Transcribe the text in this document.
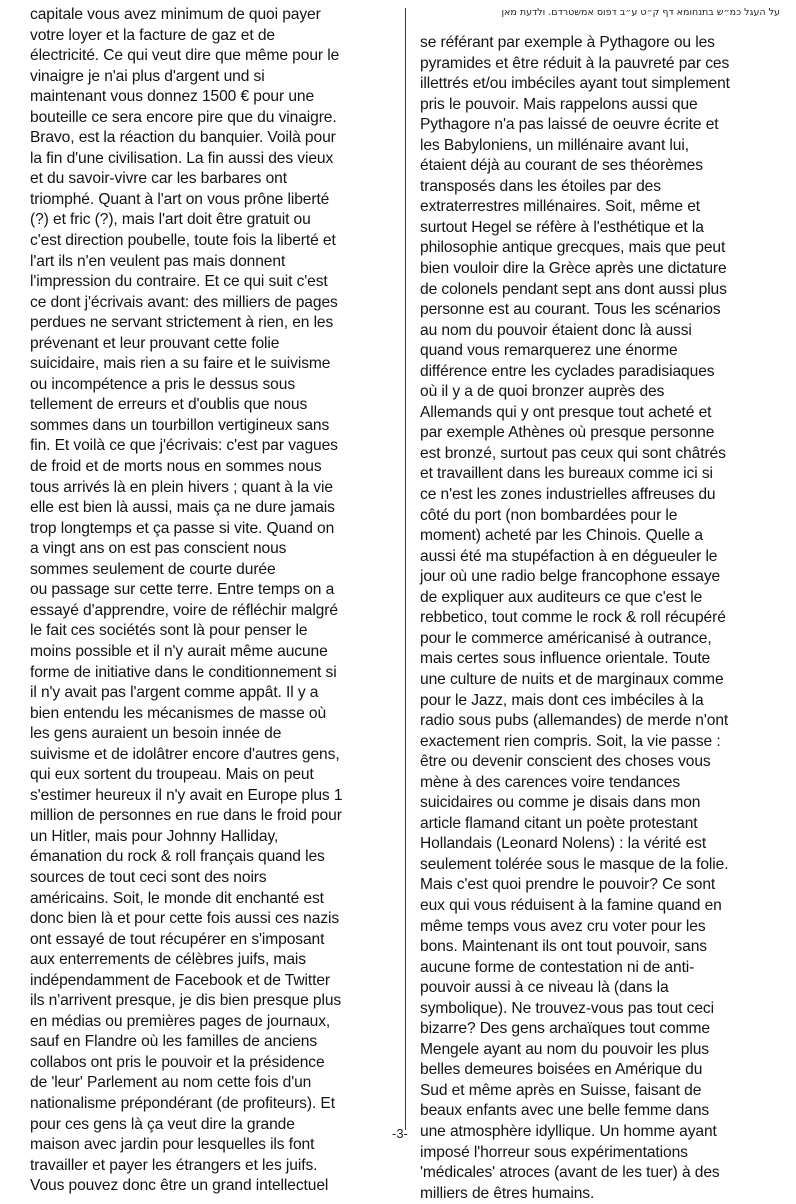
capitale vous avez minimum de quoi payer
votre loyer et la facture de gaz et de
électricité. Ce qui veut dire que même pour le
vinaigre je n'ai plus d'argent und si
maintenant vous donnez 1500 € pour une
bouteille ce sera encore pire que du vinaigre.
Bravo, est la réaction du banquier. Voilà pour
la fin d'une civilisation. La fin aussi des vieux
et du savoir-vivre car les barbares ont
triomphé. Quant à l'art on vous prône liberté
(?) et fric (?), mais l'art doit être gratuit ou
c'est direction poubelle, toute fois la liberté et
l'art ils n'en veulent pas mais donnent
l'impression du contraire. Et ce qui suit c'est
ce dont j'écrivais avant: des milliers de pages
perdues ne servant strictement à rien, en les
prévenant et leur prouvant cette folie
suicidaire, mais rien a su faire et le suivisme
ou incompétence a pris le dessus sous
tellement de erreurs et d'oublis que nous
sommes dans un tourbillon vertigineux sans
fin. Et voilà ce que j'écrivais: c'est par vagues
de froid et de morts nous en sommes nous
tous arrivés là en plein hivers ; quant à la vie
elle est bien là aussi, mais ça ne dure jamais
trop longtemps et ça passe si vite. Quand on
a vingt ans on est pas conscient nous
sommes seulement de courte durée
ou passage sur cette terre. Entre temps on a
essayé d'apprendre, voire de réfléchir malgré
le fait ces sociétés sont là pour penser le
moins possible et il n'y aurait même aucune
forme de initiative dans le conditionnement si
il n'y avait pas l'argent comme appât. Il y a
bien entendu les mécanismes de masse où
les gens auraient un besoin innée de
suivisme et de idolâtrer encore d'autres gens,
qui eux sortent du troupeau. Mais on peut
s'estimer heureux il n'y avait en Europe plus 1
million de personnes en rue dans le froid pour
un Hitler, mais pour Johnny Halliday,
émanation du rock & roll français quand les
sources de tout ceci sont des noirs
américains. Soit, le monde dit enchanté est
donc bien là et pour cette fois aussi ces nazis
ont essayé de tout récupérer en s'imposant
aux enterrements de célèbres juifs, mais
indépendamment de Facebook et de Twitter
ils n'arrivent presque, je dis bien presque plus
en médias ou premières pages de journaux,
sauf en Flandre où les familles de anciens
collabos ont pris le pouvoir et la présidence
de 'leur' Parlement au nom cette fois d'un
nationalisme prépondérant (de profiteurs). Et
pour ces gens là ça veut dire la grande
maison avec jardin pour lesquelles ils font
travailler et payer les étrangers et les juifs.
Vous pouvez donc être un grand intellectuel
על העגל כמ״ש בתנחומא דף ק״ט ע״ב דפוס אמשטרדם. ולדעת מאן
se référant par exemple à Pythagore ou les
pyramides et être réduit à la pauvreté par ces
illettrés et/ou imbéciles ayant tout simplement
pris le pouvoir. Mais rappelons aussi que
Pythagore n'a pas laissé de oeuvre écrite et
les Babyloniens, un millénaire avant lui,
étaient déjà au courant de ses théorèmes
transposés dans les étoiles par des
extraterrestres millénaires. Soit, même et
surtout Hegel se réfère à l'esthétique et la
philosophie antique grecques, mais que peut
bien vouloir dire la Grèce après une dictature
de colonels pendant sept ans dont aussi plus
personne est au courant. Tous les scénarios
au nom du pouvoir étaient donc là aussi
quand vous remarquerez une énorme
différence entre les cyclades paradisiaques
où il y a de quoi bronzer auprès des
Allemands qui y ont presque tout acheté et
par exemple Athènes où presque personne
est bronzé, surtout pas ceux qui sont châtrés
et travaillent dans les bureaux comme ici si
ce n'est les zones industrielles affreuses du
côté du port (non bombardées pour le
moment) acheté par les Chinois. Quelle a
aussi été ma stupéfaction à en dégueuler le
jour où une radio belge francophone essaye
de expliquer aux auditeurs ce que c'est le
rebbetico, tout comme le rock & roll récupéré
pour le commerce américanisé à outrance,
mais certes sous influence orientale. Toute
une culture de nuits et de marginaux comme
pour le Jazz, mais dont ces imbéciles à la
radio sous pubs (allemandes) de merde n'ont
exactement rien compris. Soit, la vie passe :
être ou devenir conscient des choses vous
mène à des carences voire tendances
suicidaires ou comme je disais dans mon
article flamand citant un poète protestant
Hollandais (Leonard Nolens) : la vérité est
seulement tolérée sous le masque de la folie.
Mais c'est quoi prendre le pouvoir? Ce sont
eux qui vous réduisent à la famine quand en
même temps vous avez cru voter pour les
bons. Maintenant ils ont tout pouvoir, sans
aucune forme de contestation ni de anti-
pouvoir aussi à ce niveau là (dans la
symbolique). Ne trouvez-vous pas tout ceci
bizarre? Des gens archaïques tout comme
Mengele ayant au nom du pouvoir les plus
belles demeures boisées en Amérique du
Sud et même après en Suisse, faisant de
beaux enfants avec une belle femme dans
une atmosphère idyllique. Un homme ayant
imposé l'horreur sous expérimentations
'médicales' atroces (avant de les tuer) à des
milliers de êtres humains.
-3-
